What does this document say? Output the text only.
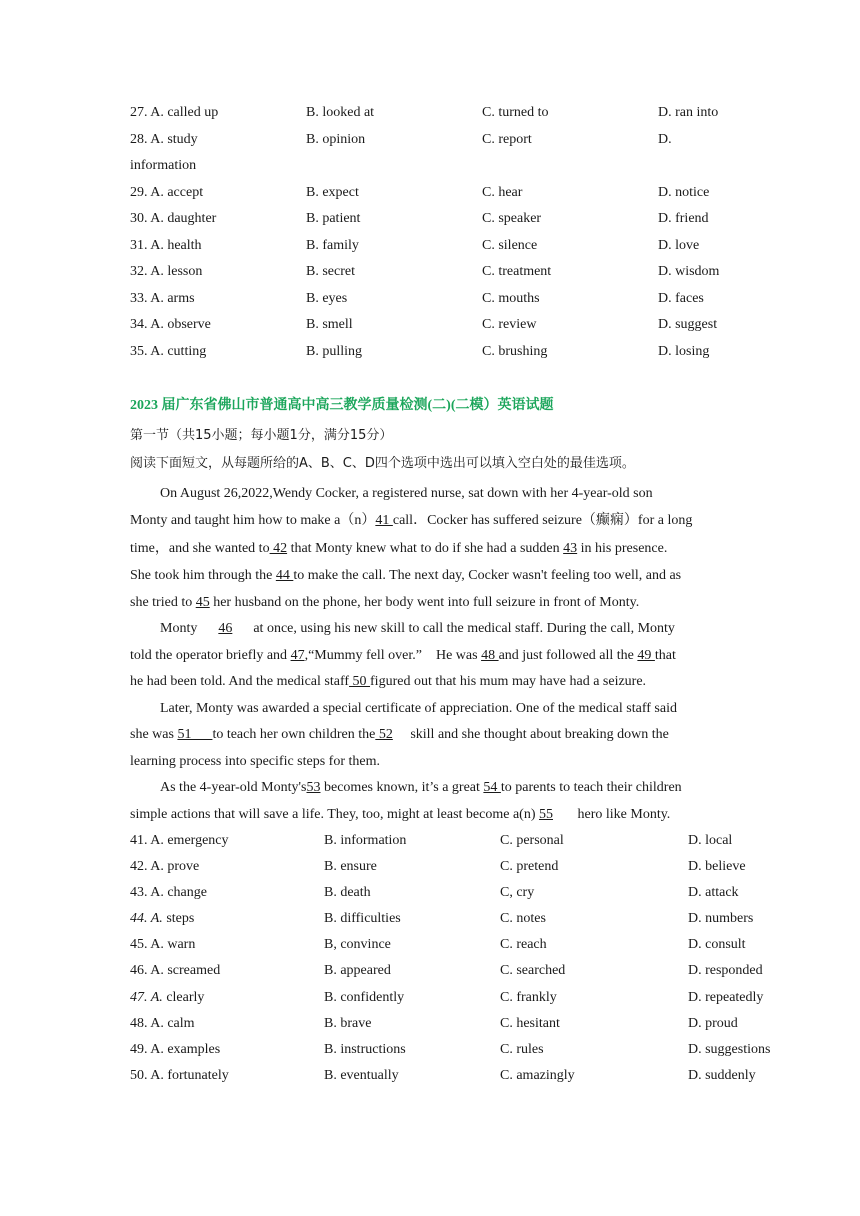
27. A. called up	B. looked at	C. turned to	D. ran into
28. A. study	B. opinion	C. report	D.
information
29. A. accept	B. expect	C. hear	D. notice
30. A. daughter	B. patient	C. speaker	D. friend
31. A. health	B. family	C. silence	D. love
32. A. lesson	B. secret	C. treatment	D. wisdom
33. A. arms	B. eyes	C. mouths	D. faces
34. A. observe	B. smell	C. review	D. suggest
35. A. cutting	B. pulling	C. brushing	D. losing
2023 届广东省佛山市普通高中高三教学质量检测(二)(二模）英语试题
第一节（共15小题；每小题1分，满分15分）
阅读下面短文，从每题所给的A、B、C、D四个选项中选出可以填入空白处的最佳选项。
On August 26,2022,Wendy Cocker, a registered nurse, sat down with her 4-year-old son
Monty and taught him how to make a（n）41 call．Cocker has suffered seizure（癫痫）for a long
time，and she wanted to 42 that Monty knew what to do if she had a sudden 43 in his presence.
She took him through the 44 to make the call. The next day, Cocker wasn't feeling too well, and as
she tried to 45 her husband on the phone, her body went into full seizure in front of Monty.
Monty      46      at once, using his new skill to call the medical staff. During the call, Monty
told the operator briefly and 47,“Mummy fell over.”    He was 48 and just followed all the 49 that
he had been told. And the medical staff 50 figured out that his mum may have had a seizure.
Later, Monty was awarded a special certificate of appreciation. One of the medical staff said
she was 51      to teach her own children the 52     skill and she thought about breaking down the
learning process into specific steps for them.
As the 4-year-old Monty's53 becomes known, it’s a great 54 to parents to teach their children
simple actions that will save a life. They, too, might at least become a(n) 55       hero like Monty.
41. A. emergency	B. information	C. personal	D. local
42. A. prove	B. ensure	C. pretend	D. believe
43. A. change	B. death	C, cry	D. attack
44. A. steps	B. difficulties	C. notes	D. numbers
45. A. warn	B, convince	C. reach	D. consult
46. A. screamed	B. appeared	C. searched	D. responded
47. A. clearly	B. confidently	C. frankly	D. repeatedly
48. A. calm	B. brave	C. hesitant	D. proud
49. A. examples	B. instructions	C. rules	D. suggestions
50. A. fortunately	B. eventually	C. amazingly	D. suddenly
